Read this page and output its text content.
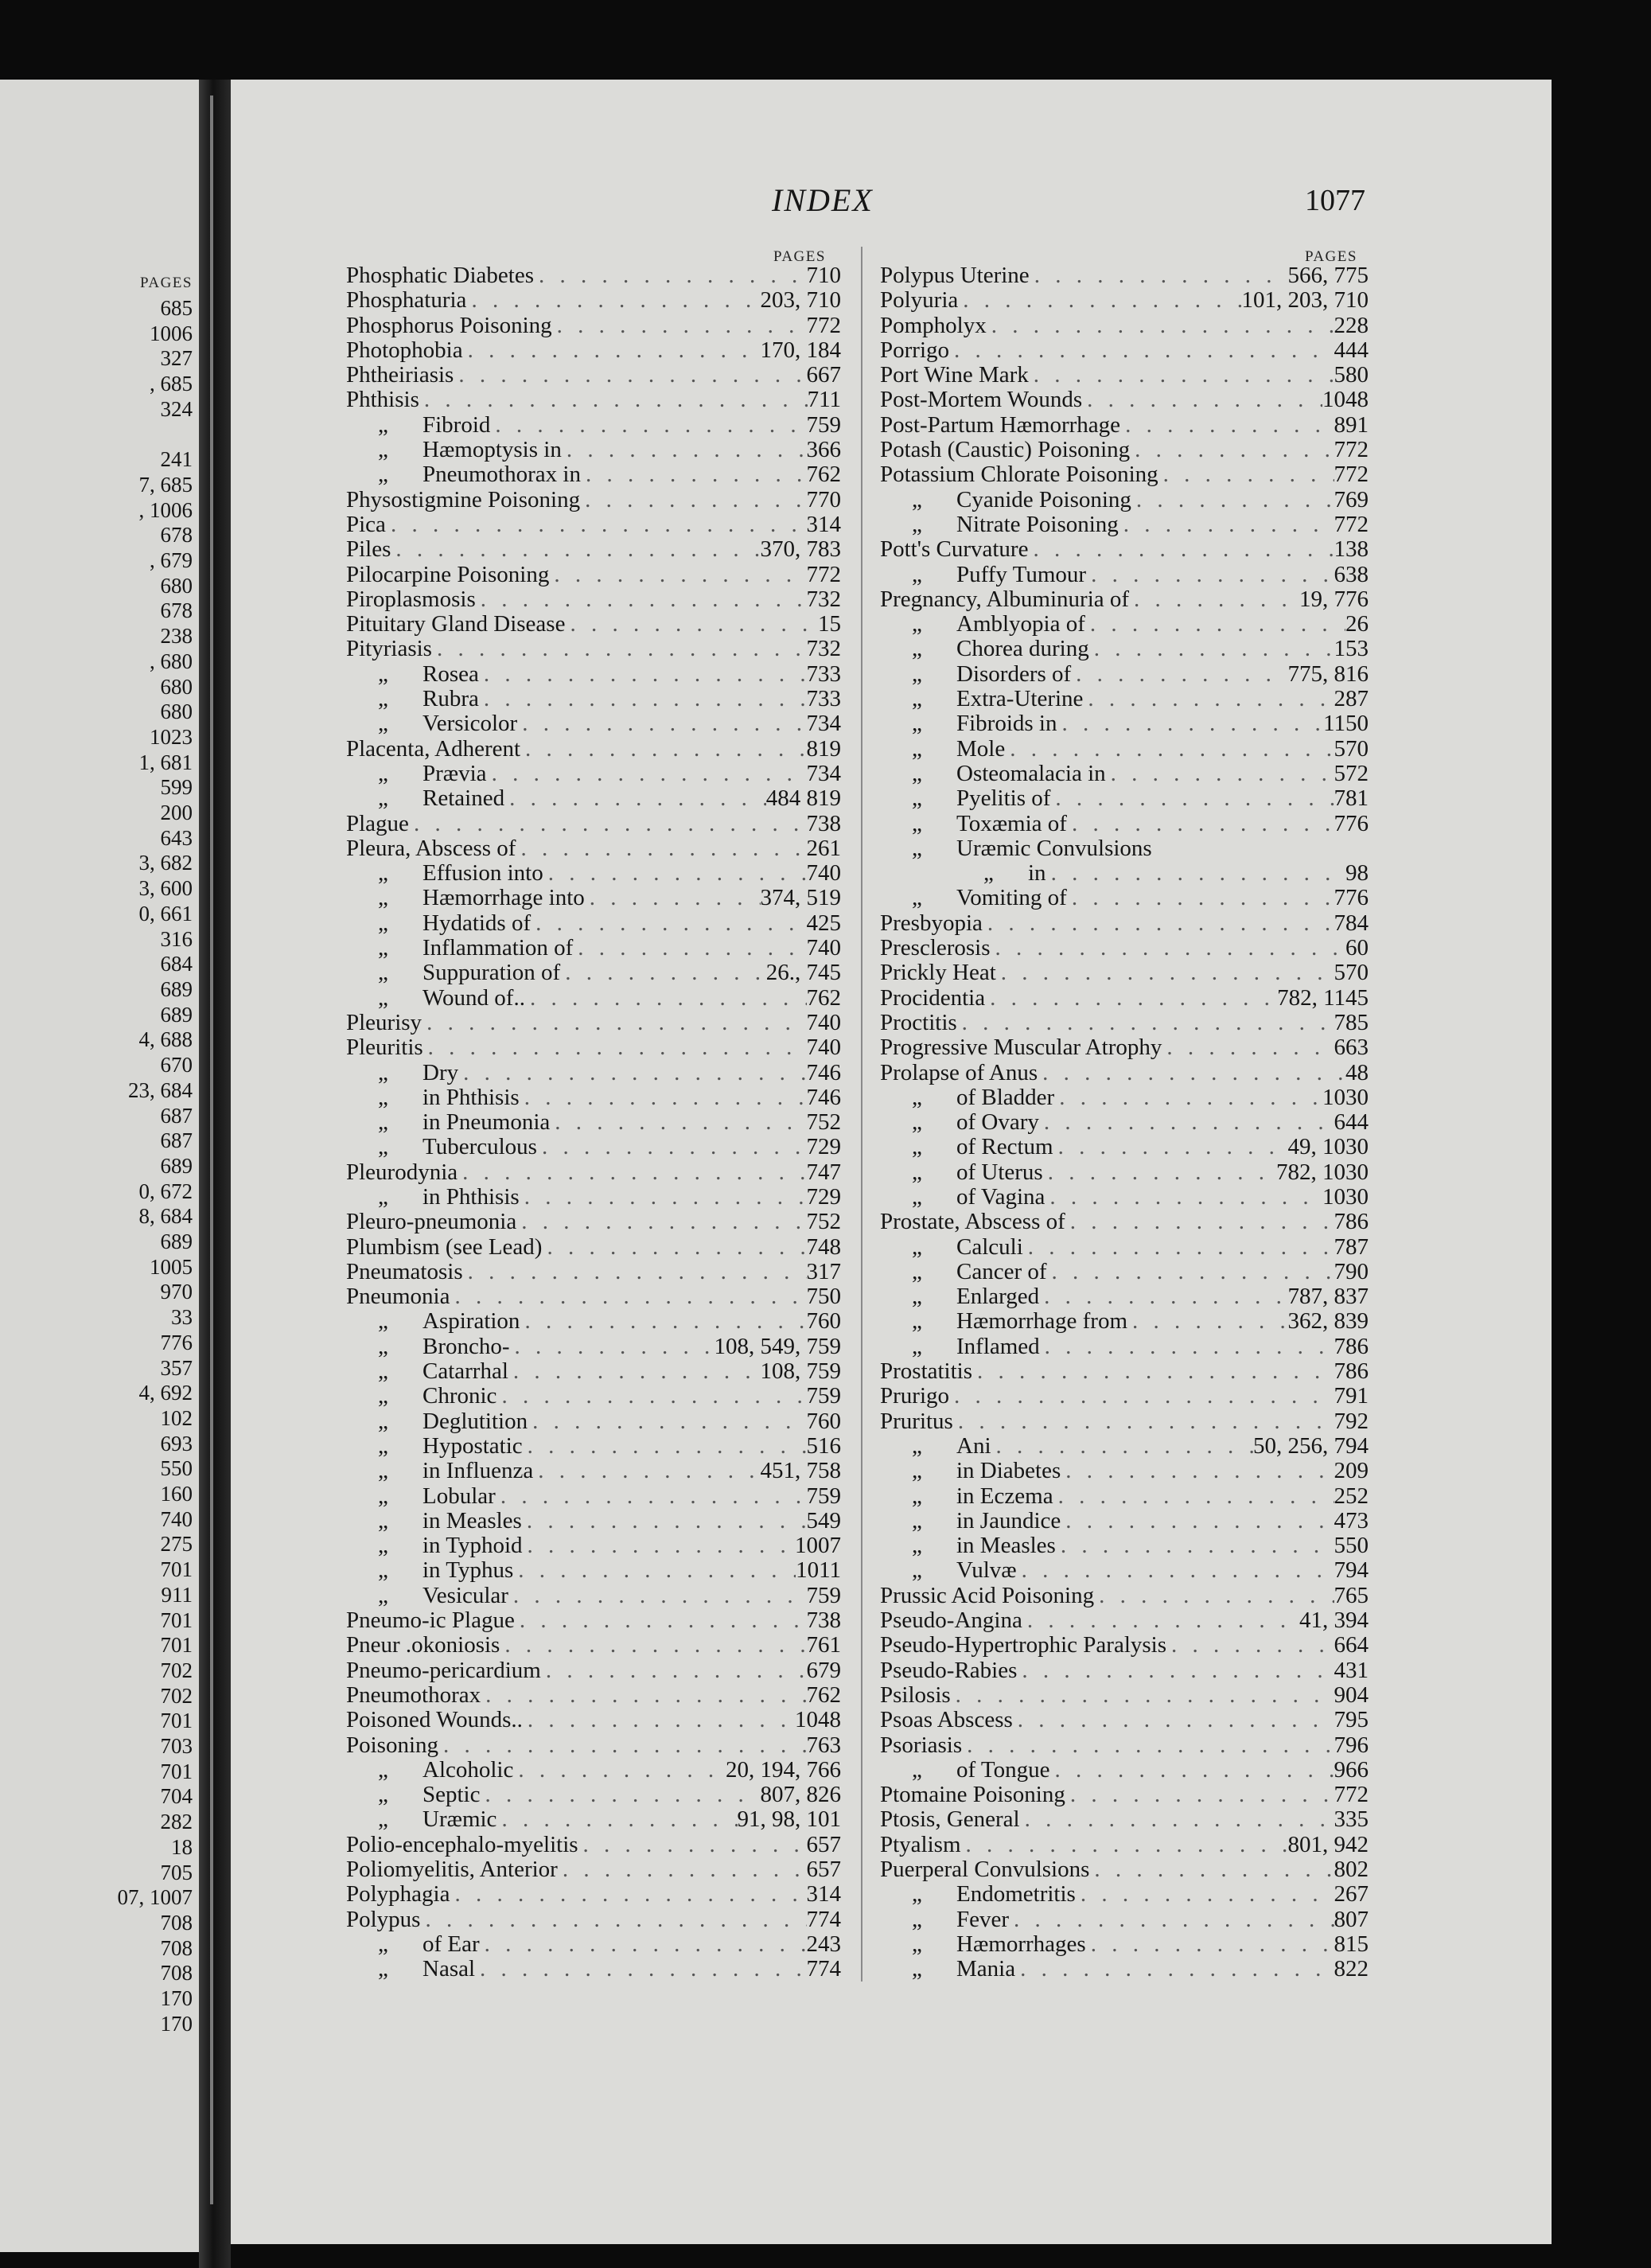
PAGES
685
1006
327
, 685
324

241
7, 685
, 1006
678
, 679
680
678
238
, 680
680
680
1023
1, 681
599
200
643
3, 682
3, 600
0, 661
316
684
689
689
4, 688
670
23, 684
687
687
689
0, 672
8, 684
689
1005
970
33
776
357
4, 692
102
693
550
160
740
275
701
911
701
701
702
702
701
703
701
704
282
18
705
07, 1007
708
708
708
170
170
INDEX	1077
PAGES	PAGES
Phosphatic Diabetes . . .	710
Phosphaturia . . .	203, 710
Phosphorus Poisoning . . .	772
Photophobia . . .	170, 184
Phtheiriasis . . .	667
Phthisis . . .	711
„ Fibroid . . .	759
„ Hæmoptysis in . . .	366
„ Pneumothorax in . . .	762
Physostigmine Poisoning . . .	770
Pica . . .	314
Piles . . .	370, 783
Pilocarpine Poisoning . . .	772
Piroplasmosis . . .	732
Pituitary Gland Disease . . .	15
Pityriasis . . .	732
„ Rosea . . .	733
„ Rubra . . .	733
„ Versicolor . . .	734
Placenta, Adherent . . .	819
„ Prævia . . .	734
„ Retained . . .	484 819
Plague . . .	738
Pleura, Abscess of . . .	261
„ Effusion into . . .	740
„ Hæmorrhage into . . .	374, 519
„ Hydatids of . . .	425
„ Inflammation of . . .	740
„ Suppuration of . . .	26., 745
„ Wound of.. . . .	762
Pleurisy . . .	740
Pleuritis . . .	740
„ Dry . . .	746
„ in Phthisis . . .	746
„ in Pneumonia . . .	752
„ Tuberculous . . .	729
Pleurodynia . . .	747
„ in Phthisis . . .	729
Pleuro-pneumonia . . .	752
Plumbism (see Lead) . . .	748
Pneumatosis . . .	317
Pneumonia . . .	750
„ Aspiration . . .	760
„ Broncho- . . .	108, 549, 759
„ Catarrhal . . .	108, 759
„ Chronic . . .	759
„ Deglutition . . .	760
„ Hypostatic . . .	516
„ in Influenza . . .	451, 758
„ Lobular . . .	759
„ in Measles . . .	549
„ in Typhoid . . .	1007
„ in Typhus . . .	1011
„ Vesicular . . .	759
Pneumo-ic Plague . . .	738
Pneur .okoniosis . . .	761
Pneumo-pericardium . . .	679
Pneumothorax . . .	762
Poisoned Wounds.. . . .	1048
Poisoning . . .	763
„ Alcoholic . . .	20, 194, 766
„ Septic . . .	807, 826
„ Uræmic . . .	91, 98, 101
Polio-encephalo-myelitis . . .	657
Poliomyelitis, Anterior . . .	657
Polyphagia . . .	314
Polypus . . .	774
„ of Ear . . .	243
„ Nasal . . .	774
Polypus Uterine . . .	566, 775
Polyuria . . .	101, 203, 710
Pompholyx . . .	228
Porrigo . . .	444
Port Wine Mark . . .	580
Post-Mortem Wounds . . .	1048
Post-Partum Hæmorrhage . . .	891
Potash (Caustic) Poisoning . . .	772
Potassium Chlorate Poisoning . . .	772
„ Cyanide Poisoning . . .	769
„ Nitrate Poisoning . . .	772
Pott's Curvature . . .	138
„ Puffy Tumour . . .	638
Pregnancy, Albuminuria of . . .	19, 776
„ Amblyopia of . . .	26
„ Chorea during . . .	153
„ Disorders of . . .	775, 816
„ Extra-Uterine . . .	287
„ Fibroids in . . .	1150
„ Mole . . .	570
„ Osteomalacia in . . .	572
„ Pyelitis of . . .	781
„ Toxæmia of . . .	776
„ Uræmic Convulsions
„ in . . .	98
„ Vomiting of . . .	776
Presbyopia . . .	784
Presclerosis . . .	60
Prickly Heat . . .	570
Procidentia . . .	782, 1145
Proctitis . . .	785
Progressive Muscular Atrophy . . .	663
Prolapse of Anus . . .	48
„ of Bladder . . .	1030
„ of Ovary . . .	644
„ of Rectum . . .	49, 1030
„ of Uterus . . .	782, 1030
„ of Vagina . . .	1030
Prostate, Abscess of . . .	786
„ Calculi . . .	787
„ Cancer of . . .	790
„ Enlarged . . .	787, 837
„ Hæmorrhage from . . .	362, 839
„ Inflamed . . .	786
Prostatitis . . .	786
Prurigo . . .	791
Pruritus . . .	792
„ Ani . . .	50, 256, 794
„ in Diabetes . . .	209
„ in Eczema . . .	252
„ in Jaundice . . .	473
„ in Measles . . .	550
„ Vulvæ . . .	794
Prussic Acid Poisoning . . .	765
Pseudo-Angina . . .	41, 394
Pseudo-Hypertrophic Paralysis . . .	664
Pseudo-Rabies . . .	431
Psilosis . . .	904
Psoas Abscess . . .	795
Psoriasis . . .	796
„ of Tongue . . .	966
Ptomaine Poisoning . . .	772
Ptosis, General . . .	335
Ptyalism . . .	801, 942
Puerperal Convulsions . . .	802
„ Endometritis . . .	267
„ Fever . . .	807
„ Hæmorrhages . . .	815
„ Mania . . .	822
